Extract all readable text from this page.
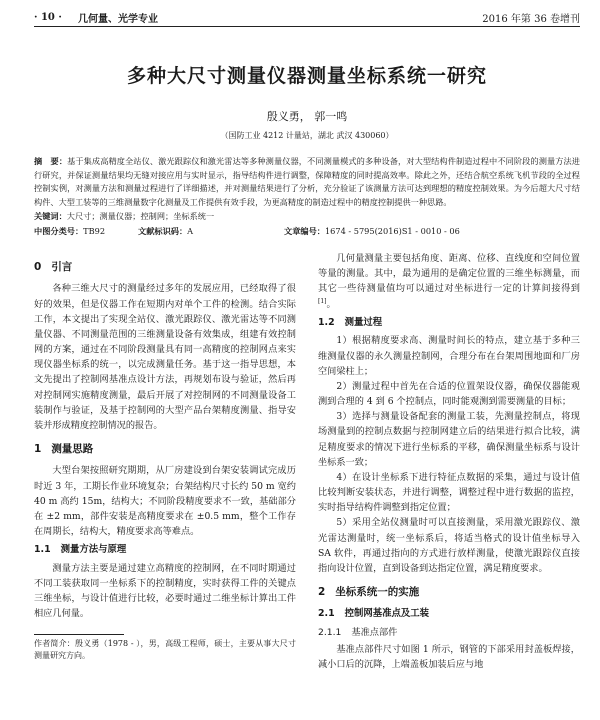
· 10 ·	几何量、光学专业	2016 年第 36 卷增刊
多种大尺寸测量仪器测量坐标系统一研究
殷义勇， 郭一鸣
（国防工业 4212 计量站，湖北 武汉 430060）
摘　要：基于集成高精度全站仪、激光跟踪仪和激光雷达等多种测量仪器，不同测量模式的多种设备，对大型结构件制造过程中不同阶段的测量方法进行研究，并保证测量结果均无缝对接应用与实时显示，指导结构件进行调整，保障精度的同时提高效率。除此之外，还结合航空系统飞机节段的全过程控制实例，对测量方法和测量过程进行了详细描述，并对测量结果进行了分析，充分验证了该测量方法可达到理想的精度控制效果。为今后超大尺寸结构件、大型工装等的三维测量数字化测量及工作提供有效手段，为更高精度的制造过程中的精度控制提供一种思路。
关键词：大尺寸；测量仪器；控制网；坐标系统一
中图分类号：TB92	文献标识码：A	文章编号：1674 - 5795(2016)S1 - 0010 - 06
0 引言

各种三维大尺寸的测量经过多年的发展应用，已经取得了很好的效果，但是仪器工作在短期内对单个工件的检测。结合实际工作，本文提出了实现全站仪、激光跟踪仪、激光雷达等不同测量仪器、不同测量范围的三维测量设备有效集成，组建有效控制网的方案，通过在不同阶段测量具有同一高精度的控制网点来实现仪器坐标系的统一，以完成测量任务。基于这一指导思想，本文先提出了控制网基准点设计方法，再规划布设与验证，然后再对控制网实施精度测量，最后开展了对控制网的不同测量设备工装制作与验证，及基于控制网的大型产品台架精度测量、指导安装并形成精度控制情况的报告。

1 测量思路

大型台架按照研究期期，从厂房建设到台架安装调试完成历时近 3 年，工期长作业环境复杂；台架结构尺寸长约 50 m 宽约 40 m 高约 15m，结构大；不同阶段精度要求不一致，基础部分在 ±2 mm，部件安装是高精度要求在 ±0.5 mm，整个工作存在周期长，结构大，精度要求高等难点。

1.1 测量方法与原理

测量方法主要是通过建立高精度的控制网，在不同时期通过不同工装获取同一坐标系下的控制精度，实时获得工件的关键点三维坐标，与设计值进行比较，必要时通过二维坐标计算出工件相应几何量。

作者简介：殷义勇（1978 - ），男，高级工程师，硕士，主要从事大尺寸测量研究方向。

几何量测量主要包括角度、距离、位移、直线度和空间位置等量的测量。其中，最为通用的是确定位置的三维坐标测量，而其它一些待测量值均可以通过对坐标进行一定的计算间接得到[1]。

1.2 测量过程

1）根据精度要求高、测量时间长的特点，建立基于多种三维测量仪器的永久测量控制网，合理分布在台架周围地面和厂房空间梁柱上；

2）测量过程中首先在合适的位置架设仪器，确保仪器能观测到合理的 4 到 6 个控制点，同时能观测到需要测量的目标；

3）选择与测量设备配套的测量工装，先测量控制点，将现场测量到的控制点数据与控制网建立后的结果进行拟合比较，满足精度要求的情况下进行坐标系的平移，确保测量坐标系与设计坐标系一致；

4）在设计坐标系下进行特征点数据的采集，通过与设计值比较判断安装状态，并进行调整，调整过程中进行数据的监控，实时指导结构件调整到指定位置；

5）采用全站仪测量时可以直接测量，采用激光跟踪仪、激光雷达测量时，统一坐标系后，将适当格式的设计值坐标导入 SA 软件，再通过指向的方式进行放样测量，使激光跟踪仪直接指向设计位置，直到设备到达指定位置，满足精度要求。

2 坐标系统一的实施
2.1 控制网基准点及工装
2.1.1 基准点部件

基准点部件尺寸如图 1 所示，钢管的下部采用封盖板焊接，减小口后的沉降，上端盖板加装后应与地
